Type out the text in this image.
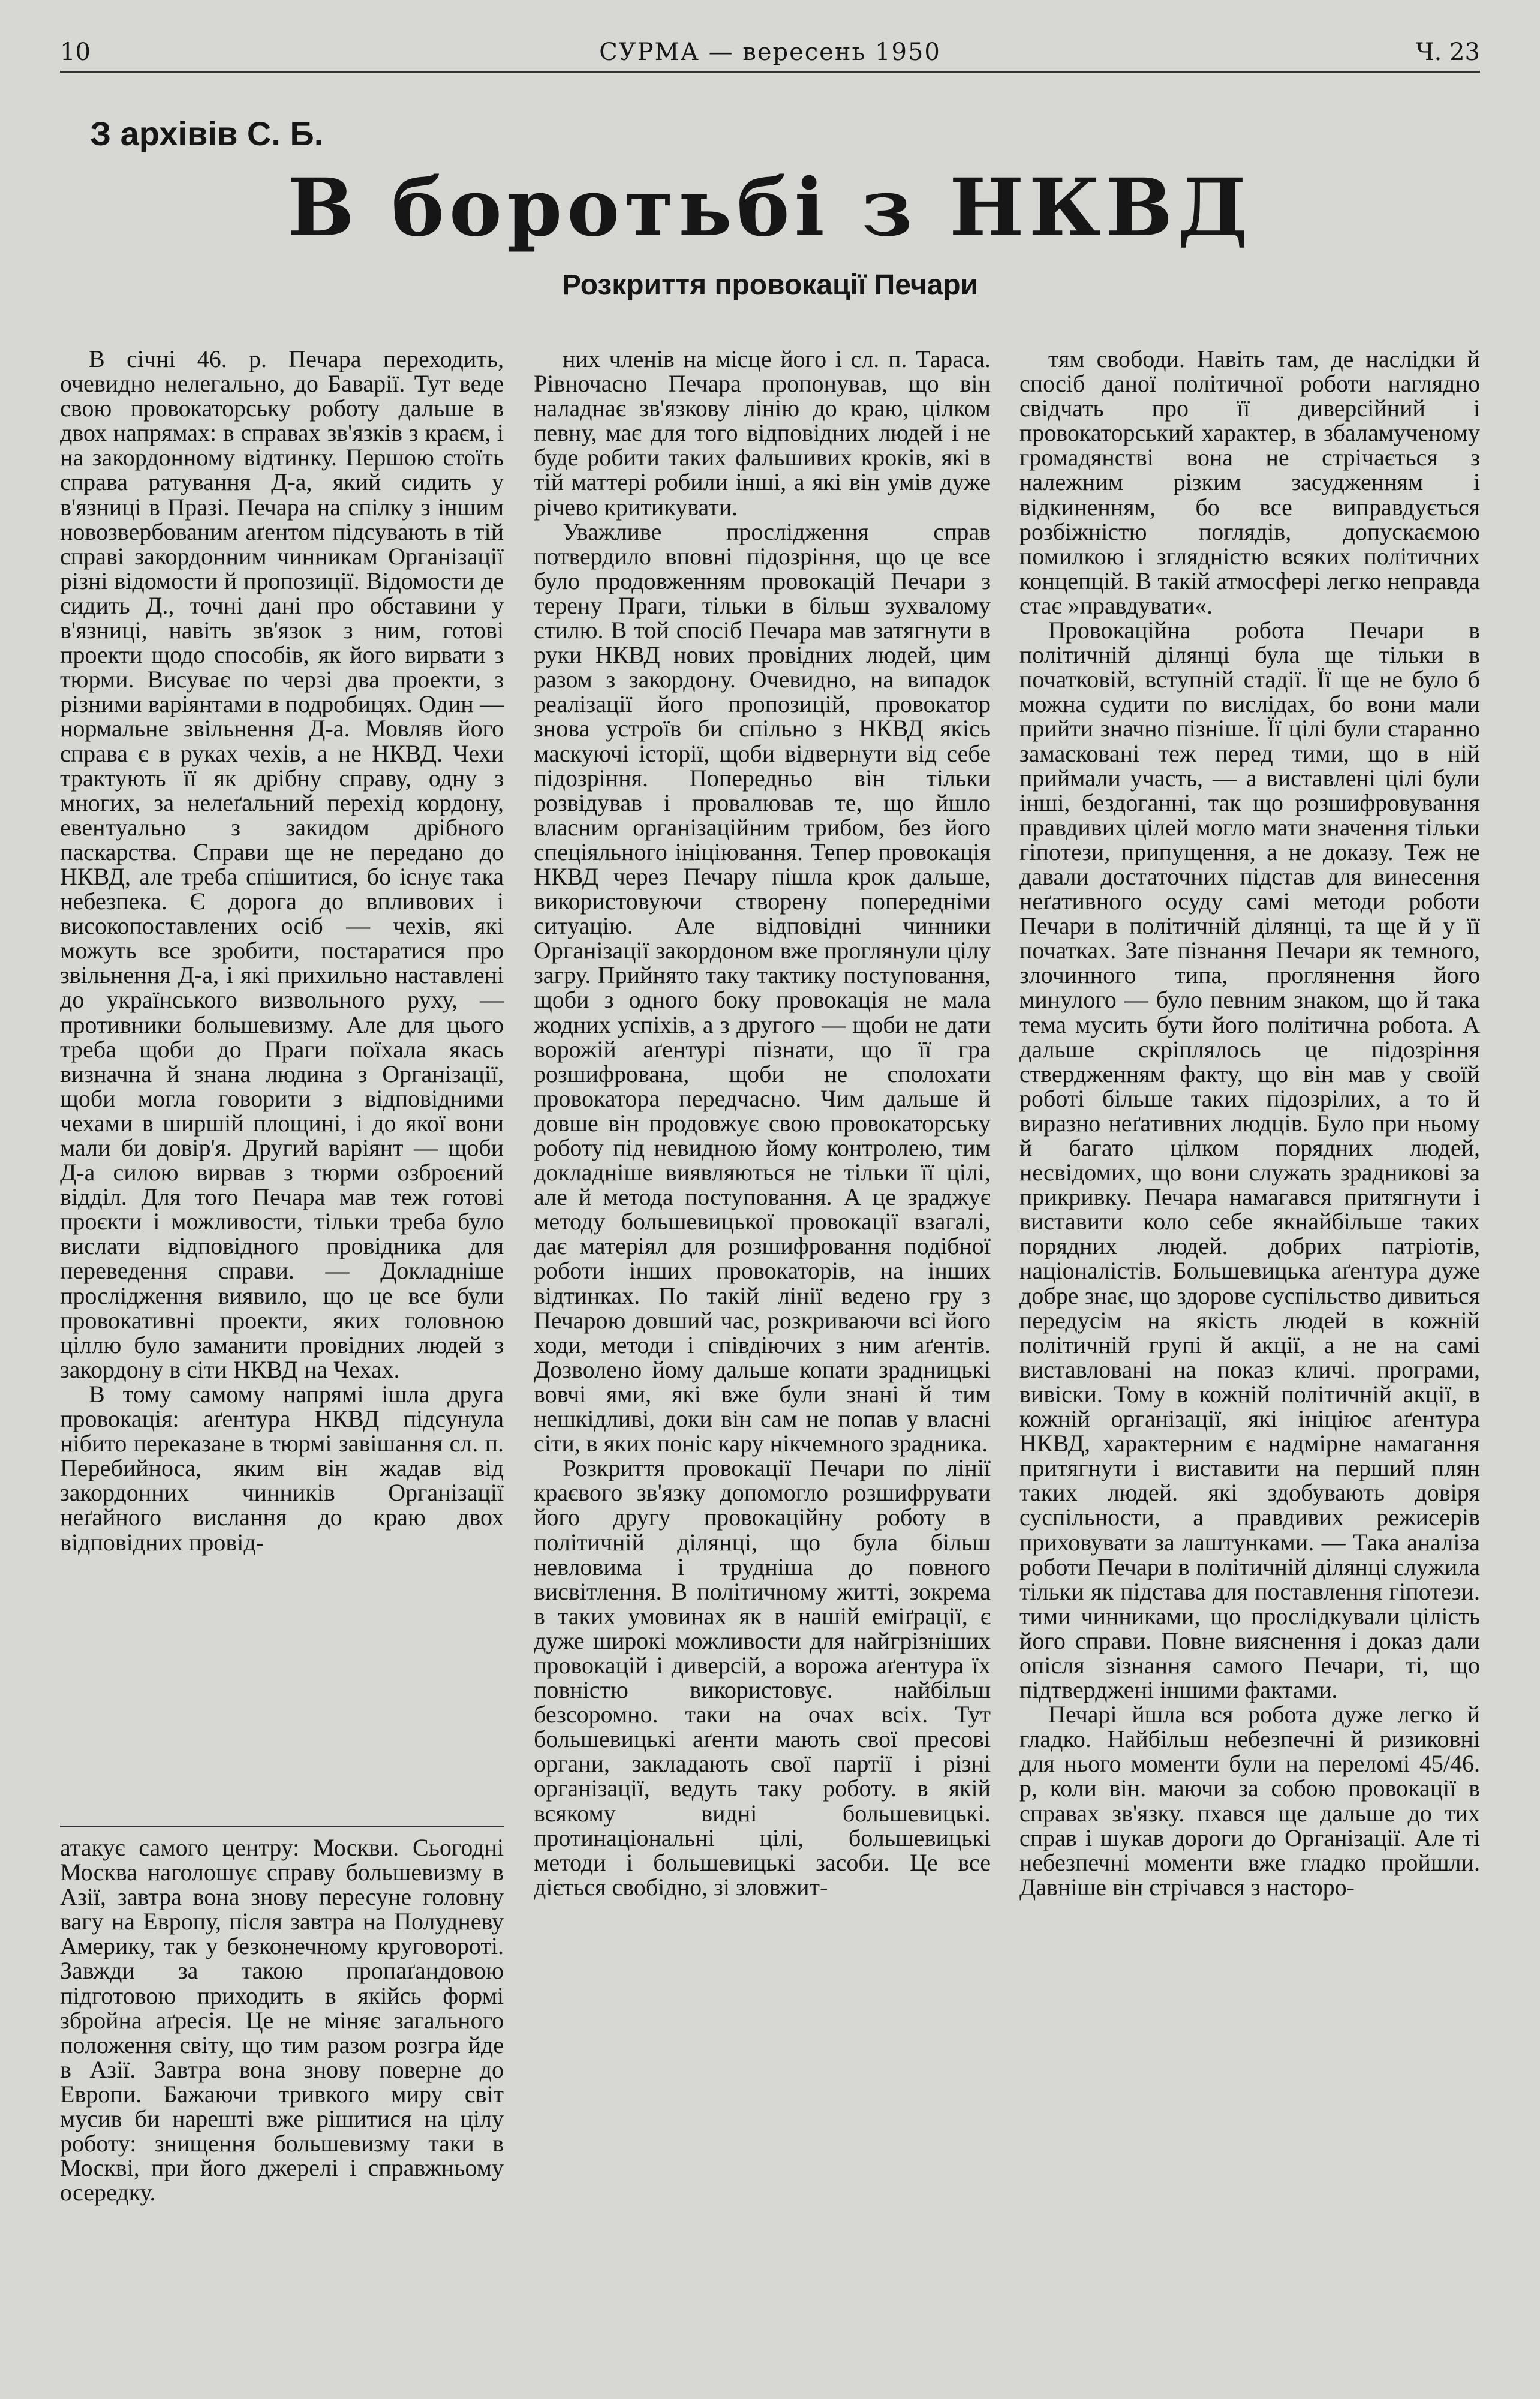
10	СУРМА — вересень 1950	Ч. 23
З архівів С. Б.
В боротьбі з НКВД
Розкриття провокації Печари

В січні 46. р. Печара переходить, очевидно нелегально, до Баварії. Тут веде свою провокаторську роботу дальше в двох напрямах: в справах зв'язків з краєм, і на закордонному відтинку. Першою стоїть справа ратування Д-а, який сидить у в'язниці в Празі. Печара на спілку з іншим новозвербованим аґентом підсувають в тій справі закордонним чинникам Організації різні відомости й пропозиції. Відомости де сидить Д., точні дані про обставини у в'язниці, навіть зв'язок з ним, готові проекти щодо способів, як його вирвати з тюрми. Висуває по черзі два проекти, з різними варіянтами в подробицях. Один — нормальне звільнення Д-а. Мовляв його справа є в руках чехів, а не НКВД. Чехи трактують її як дрібну справу, одну з многих, за нелеґальний перехід кордону, евентуально з закидом дрібного паскарства. Справи ще не передано до НКВД, але треба спішитися, бо існує така небезпека. Є дорога до впливових і високопоставлених осіб — чехів, які можуть все зробити, постаратися про звільнення Д-а, і які прихильно наставлені до українського визвольного руху, — противники большевизму. Але для цього треба щоби до Праги поїхала якась визначна й знана людина з Організації, щоби могла говорити з відповідними чехами в ширшій площині, і до якої вони мали би довір'я. Другий варіянт — щоби Д-а силою вирвав з тюрми озброєний відділ. Для того Печара мав теж готові проєкти і можливости, тільки треба було вислати відповідного провідника для переведення справи. — Докладніше прослідження виявило, що це все були провокативні проекти, яких головною ціллю було заманити провідних людей з закордону в сіти НКВД на Чехах.

В тому самому напрямі ішла друга провокація: аґентура НКВД підсунула нібито переказане в тюрмі завішання сл. п. Перебийноса, яким він жадав від закордонних чинників Організації неґайного вислання до краю двох відповідних провід-

атакує самого центру: Москви. Сьогодні Москва наголошує справу большевизму в Азії, завтра вона знову пересуне головну вагу на Европу, після завтра на Полудневу Америку, так у безконечному круговороті. Завжди за такою пропаґандовою підготовою приходить в якійсь формі збройна аґресія. Це не міняє загального положення світу, що тим разом розгра йде в Азії. Завтра вона знову поверне до Европи. Бажаючи тривкого миру світ мусив би нарешті вже рішитися на цілу роботу: знищення большевизму таки в Москві, при його джерелі і справжньому осередку.

них членів на місце його і сл. п. Тараса. Рівночасно Печара пропонував, що він наладнає зв'язкову лінію до краю, цілком певну, має для того відповідних людей і не буде робити таких фальшивих кроків, які в тій маттері робили інші, а які він умів дуже річево критикувати.

Уважливе прослідження справ потвердило вповні підозріння, що це все було продовженням провокацій Печари з терену Праги, тільки в більш зухвалому стилю. В той спосіб Печара мав затягнути в руки НКВД нових провідних людей, цим разом з закордону. Очевидно, на випадок реалізації його пропозицій, провокатор знова устроїв би спільно з НКВД якісь маскуючі історії, щоби відвернути від себе підозріння. Попередньо він тільки розвідував і провалював те, що йшло власним організаційним трибом, без його спеціяльного ініціювання. Тепер провокація НКВД через Печару пішла крок дальше, використовуючи створену попередніми ситуацію. Але відповідні чинники Організації закордоном вже проглянули цілу загру. Прийнято таку тактику поступовання, щоби з одного боку провокація не мала жодних успіхів, а з другого — щоби не дати ворожій аґентурі пізнати, що її гра розшифрована, щоби не сполохати провокатора передчасно. Чим дальше й довше він продовжує свою провокаторську роботу під невидною йому контролею, тим докладніше виявляються не тільки її цілі, але й метода поступовання. А це зраджує методу большевицької провокації взагалі, дає матеріял для розшифровання подібної роботи інших провокаторів, на інших відтинках. По такій лінії ведено гру з Печарою довший час, розкриваючи всі його ходи, методи і співдіючих з ним аґентів. Дозволено йому дальше копати зрадницькі вовчі ями, які вже були знані й тим нешкідливі, доки він сам не попав у власні сіти, в яких поніс кару нікчемного зрадника.

Розкриття провокації Печари по лінії краєвого зв'язку допомогло розшифрувати його другу провокаційну роботу в політичній ділянці, що була більш невловима і трудніша до повного висвітлення. В політичному житті, зокрема в таких умовинах як в нашій еміґрації, є дуже широкі можливости для найгрізніших провокацій і диверсій, а ворожа аґентура їх повністю використовує. найбільш безсоромно. таки на очах всіх. Тут большевицькі аґенти мають свої пресові органи, закладають свої партії і різні організації, ведуть таку роботу. в якій всякому видні большевицькі. протинаціональні цілі, большевицькі методи і большевицькі засоби. Це все діється свобідно, зі зловжит-

тям свободи. Навіть там, де наслідки й спосіб даної політичної роботи наглядно свідчать про її диверсійний і провокаторський характер, в збаламученому громадянстві вона не стрічається з належним різким засудженням і відкиненням, бо все виправдується розбіжністю поглядів, допускаємою помилкою і зглядністю всяких політичних концепцій. В такій атмосфері легко неправда стає »правдувати«.

Провокаційна робота Печари в політичній ділянці була ще тільки в початковій, вступній стадії. Її ще не було б можна судити по вислідах, бо вони мали прийти значно пізніше. Її цілі були старанно замасковані теж перед тими, що в ній приймали участь, — а виставлені цілі були інші, бездоганні, так що розшифровування правдивих цілей могло мати значення тільки гіпотези, припущення, а не доказу. Теж не давали достаточних підстав для винесення неґативного осуду самі методи роботи Печари в політичній ділянці, та ще й у її початках. Зате пізнання Печари як темного, злочинного типа, проглянення його минулого — було певним знаком, що й така тема мусить бути його політична робота. А дальше скріплялось це підозріння ствердженням факту, що він мав у своїй роботі більше таких підозрілих, а то й виразно неґативних людців. Було при ньому й багато цілком порядних людей, несвідомих, що вони служать зрадникові за прикривку. Печара намагався притягнути і виставити коло себе якнайбільше таких порядних людей. добрих патріотів, націоналістів. Большевицька аґентура дуже добре знає, що здорове суспільство дивиться передусім на якість людей в кожній політичній групі й акції, а не на самі виставловані на показ кличі. програми, вивіски. Тому в кожній політичній акції, в кожній організації, які ініціює аґентура НКВД, характерним є надмірне намагання притягнути і виставити на перший плян таких людей. які здобувають довіря суспільности, а правдивих режисерів приховувати за лаштунками. — Така аналіза роботи Печари в політичній ділянці служила тільки як підстава для поставлення гіпотези. тими чинниками, що прослідкували цілість його справи. Повне вияснення і доказ дали опісля зізнання самого Печари, ті, що підтверджені іншими фактами.

Печарі йшла вся робота дуже легко й гладко. Найбільш небезпечні й ризиковні для нього моменти були на переломі 45/46. р, коли він. маючи за собою провокації в справах зв'язку. пхався ще дальше до тих справ і шукав дороги до Організації. Але ті небезпечні моменти вже гладко пройшли. Давніше він стрічався з насторо-
